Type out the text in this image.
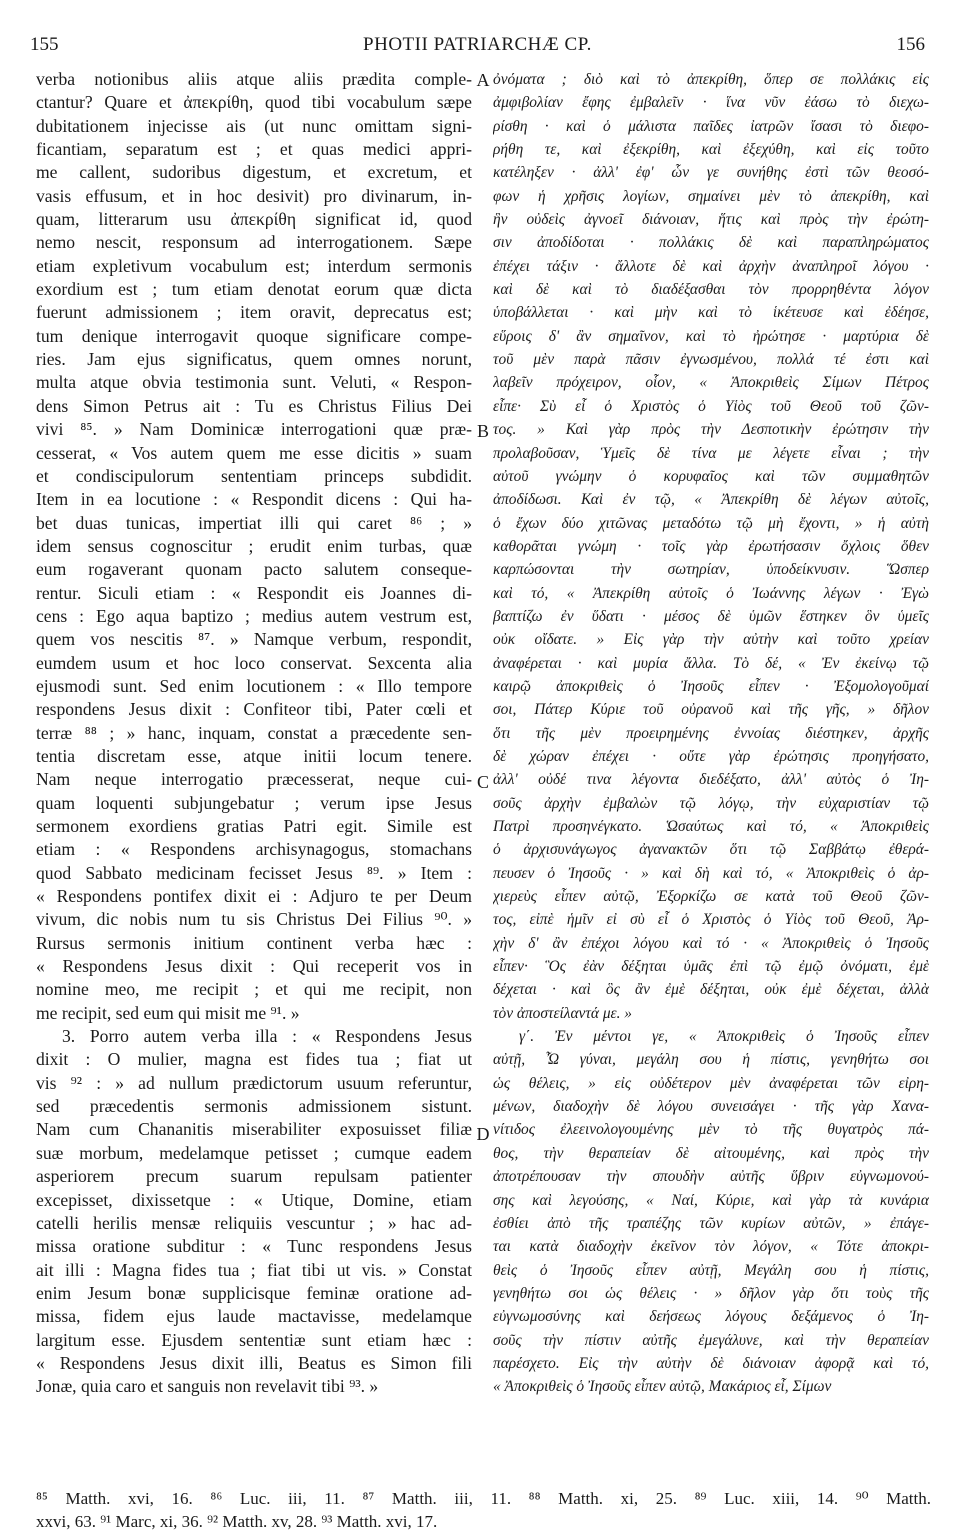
155	PHOTII PATRIARCHÆ CP.	156
verba notionibus aliis atque aliis prædita comple-
ctantur? Quare et ἀπεκρίθη, quod tibi vocabulum sæpe
dubitationem injecisse ais (ut nunc omittam signi-
ficantiam, separatum est ; et quas medici appri-
me callent, sudoribus digestum, et excretum, et
vasis effusum, et in hoc desivit) pro divinarum, in-
quam, litterarum usu ἀπεκρίθη significat id, quod
nemo nescit, responsum ad interrogationem. Sæpe
etiam expletivum vocabulum est; interdum sermonis
exordium est ; tum etiam denotat eorum quæ dicta
fuerunt admissionem ; item oravit, deprecatus est;
tum denique interrogavit quoque significare compe-
ries. Jam ejus significatus, quem omnes norunt,
multa atque obvia testimonia sunt. Veluti, « Respon-
dens Simon Petrus ait : Tu es Christus Filius Dei
vivi ⁸⁵. » Nam Dominicæ interrogationi quæ præ-
cesserat, « Vos autem quem me esse dicitis » suam
et condiscipulorum sententiam princeps subdidit.
Item in ea locutione : « Respondit dicens : Qui ha-
bet duas tunicas, impertiat illi qui caret ⁸⁶ ; »
idem sensus cognoscitur ; erudit enim turbas, quæ
eum rogaverant quonam pacto salutem conseque-
rentur. Siculi etiam : « Respondit eis Joannes di-
cens : Ego aqua baptizo ; medius autem vestrum est,
quem vos nescitis ⁸⁷. » Namque verbum, respondit,
eumdem usum et hoc loco conservat. Sexcenta alia
ejusmodi sunt. Sed enim locutionem : « Illo tempore
respondens Jesus dixit : Confiteor tibi, Pater cœli et
terræ ⁸⁸ ; » hanc, inquam, constat a præcedente sen-
tentia discretam esse, atque initii locum tenere.
Nam neque interrogatio præcesserat, neque cui-
quam loquenti subjungebatur ; verum ipse Jesus
sermonem exordiens gratias Patri egit. Simile est
etiam : « Respondens archisynagogus, stomachans
quod Sabbato medicinam fecisset Jesus ⁸⁹. » Item :
« Respondens pontifex dixit ei : Adjuro te per Deum
vivum, dic nobis num tu sis Christus Dei Filius ⁹⁰. »
Rursus sermonis initium continent verba hæc :
« Respondens Jesus dixit : Qui receperit vos in
nomine meo, me recipit ; et qui me recipit, non
me recipit, sed eum qui misit me ⁹¹. »
3. Porro autem verba illa : « Respondens Jesus
dixit : O mulier, magna est fides tua ; fiat ut
vis ⁹² : » ad nullum prædictorum usuum referuntur,
sed præcedentis sermonis admissionem sistunt.
Nam cum Chananitis miserabiliter exposuisset filiæ
suæ morbum, medelamque petisset ; cumque eadem
asperiorem precum suarum repulsam patienter
excepisset, dixissetque : « Utique, Domine, etiam
catelli herilis mensæ reliquiis vescuntur ; » hac ad-
missa oratione subditur : « Tunc respondens Jesus
ait illi : Magna fides tua ; fiat tibi ut vis. » Constat
enim Jesum bonæ supplicisque feminæ oratione ad-
missa, fidem ejus laude mactavisse, medelamque
largitum esse. Ejusdem sententiæ sunt etiam hæc :
« Respondens Jesus dixit illi, Beatus es Simon fili
Jonæ, quia caro et sanguis non revelavit tibi ⁹³. »
ὀνόματα ; διὸ καὶ τὸ ἀπεκρίθη, ὅπερ σε πολλάκις εἰς
ἀμφιβολίαν ἔφης ἐμβαλεῖν · ἵνα νῦν ἐάσω τὸ διεχω-
ρίσθη · καὶ ὁ μάλιστα παῖδες ἰατρῶν ἴσασι τὸ διεφο-
ρήθη τε, καὶ ἐξεκρίθη, καὶ ἐξεχύθη, καὶ εἰς τοῦτο
κατέληξεν · ἀλλ' ἐφ' ὧν γε συνήθης ἐστὶ τῶν θεοσό-
φων ἡ χρῆσις λογίων, σημαίνει μὲν τὸ ἀπεκρίθη, καὶ
ἣν οὐδεὶς ἀγνοεῖ διάνοιαν, ἥτις καὶ πρὸς τὴν ἐρώτη-
σιν ἀποδίδοται · πολλάκις δὲ καὶ παραπληρώματος
ἐπέχει τάξιν · ἄλλοτε δὲ καὶ ἀρχὴν ἀναπληροῖ λόγου ·
καὶ δὲ καὶ τὸ διαδέξασθαι τὸν προρρηθέντα λόγον
ὑποβάλλεται · καὶ μὴν καὶ τὸ ἱκέτευσε καὶ ἐδέησε,
εὕροις δ' ἂν σημαῖνον, καὶ τὸ ἠρώτησε · μαρτύρια δὲ
τοῦ μὲν παρὰ πᾶσιν ἐγνωσμένου, πολλά τέ ἐστι καὶ
λαβεῖν πρόχειρον, οἷον, « Ἀποκριθεὶς Σίμων Πέτρος
εἶπε· Σὺ εἶ ὁ Χριστὸς ὁ Υἱὸς τοῦ Θεοῦ τοῦ ζῶν-
τος. » Καὶ γὰρ πρὸς τὴν Δεσποτικὴν ἐρώτησιν τὴν
προλαβοῦσαν, Ὑμεῖς δὲ τίνα με λέγετε εἶναι ; τὴν
αὐτοῦ γνώμην ὁ κορυφαῖος καὶ τῶν συμμαθητῶν
ἀποδίδωσι. Καὶ ἐν τῷ, « Ἀπεκρίθη δὲ λέγων αὐτοῖς,
ὁ ἔχων δύο χιτῶνας μεταδότω τῷ μὴ ἔχοντι, » ἡ αὐτὴ
καθορᾶται γνώμη · τοῖς γὰρ ἐρωτήσασιν ὄχλοις ὅθεν
καρπώσονται τὴν σωτηρίαν, ὑποδείκνυσιν. Ὥσπερ
καὶ τό, « Ἀπεκρίθη αὐτοῖς ὁ Ἰωάννης λέγων · Ἐγὼ
βαπτίζω ἐν ὕδατι · μέσος δὲ ὑμῶν ἕστηκεν ὃν ὑμεῖς
οὐκ οἴδατε. » Εἰς γὰρ τὴν αὐτὴν καὶ τοῦτο χρείαν
ἀναφέρεται · καὶ μυρία ἄλλα. Τὸ δέ, « Ἐν ἐκείνῳ τῷ
καιρῷ ἀποκριθεὶς ὁ Ἰησοῦς εἶπεν · Ἐξομολογοῦμαί
σοι, Πάτερ Κύριε τοῦ οὐρανοῦ καὶ τῆς γῆς, » δῆλον
ὅτι τῆς μὲν προειρημένης ἐννοίας διέστηκεν, ἀρχῆς
δὲ χώραν ἐπέχει · οὔτε γὰρ ἐρώτησις προηγήσατο,
ἀλλ' οὐδέ τινα λέγοντα διεδέξατο, ἀλλ' αὐτὸς ὁ Ἰη-
σοῦς ἀρχὴν ἐμβαλὼν τῷ λόγῳ, τὴν εὐχαριστίαν τῷ
Πατρὶ προσηνέγκατο. Ὡσαύτως καὶ τό, « Ἀποκριθεὶς
ὁ ἀρχισυνάγωγος ἀγανακτῶν ὅτι τῷ Σαββάτῳ ἐθερά-
πευσεν ὁ Ἰησοῦς · » καὶ δὴ καὶ τό, « Ἀποκριθεὶς ὁ ἀρ-
χιερεὺς εἶπεν αὐτῷ, Ἐξορκίζω σε κατὰ τοῦ Θεοῦ ζῶν-
τος, εἰπὲ ἡμῖν εἰ σὺ εἶ ὁ Χριστὸς ὁ Υἱὸς τοῦ Θεοῦ, Ἀρ-
χὴν δ' ἂν ἐπέχοι λόγου καὶ τό · « Ἀποκριθεὶς ὁ Ἰησοῦς
εἶπεν· Ὃς ἐὰν δέξηται ὑμᾶς ἐπὶ τῷ ἐμῷ ὀνόματι, ἐμὲ
δέχεται · καὶ ὃς ἂν ἐμὲ δέξηται, οὐκ ἐμὲ δέχεται, ἀλλὰ
τὸν ἀποστείλαντά με. »
γ΄. Ἐν μέντοι γε, « Ἀποκριθεὶς ὁ Ἰησοῦς εἶπεν
αὐτῇ, Ὦ γύναι, μεγάλη σου ἡ πίστις, γενηθήτω σοι
ὡς θέλεις, » εἰς οὐδέτερον μὲν ἀναφέρεται τῶν εἰρη-
μένων, διαδοχὴν δὲ λόγου συνεισάγει · τῆς γὰρ Χανα-
νίτιδος ἐλεεινολογουμένης μὲν τὸ τῆς θυγατρὸς πά-
θος, τὴν θεραπείαν δὲ αἰτουμένης, καὶ πρὸς τὴν
ἀποτρέπουσαν τὴν σπουδὴν αὐτῆς ὕβριν εὐγνωμονού-
σης καὶ λεγούσης, « Ναί, Κύριε, καὶ γὰρ τὰ κυνάρια
ἐσθίει ἀπὸ τῆς τραπέζης τῶν κυρίων αὐτῶν, » ἐπάγε-
ται κατὰ διαδοχὴν ἐκεῖνον τὸν λόγον, « Τότε ἀποκρι-
θεὶς ὁ Ἰησοῦς εἶπεν αὐτῇ, Μεγάλη σου ἡ πίστις,
γενηθήτω σοι ὡς θέλεις · » δῆλον γὰρ ὅτι τοὺς τῆς
εὐγνωμοσύνης καὶ δεήσεως λόγους δεξάμενος ὁ Ἰη-
σοῦς τὴν πίστιν αὐτῆς ἐμεγάλυνε, καὶ τὴν θεραπείαν
παρέσχετο. Εἰς τὴν αὐτὴν δὲ διάνοιαν ἀφορᾷ καὶ τό,
« Ἀποκριθεὶς ὁ Ἰησοῦς εἶπεν αὐτῷ, Μακάριος εἶ, Σίμων
A
B
C
D
⁸⁵ Matth. xvi, 16. ⁸⁶ Luc. iii, 11. ⁸⁷ Matth. iii, 11. ⁸⁸ Matth. xi, 25. ⁸⁹ Luc. xiii, 14. ⁹⁰ Matth.
xxvi, 63. ⁹¹ Marc, xi, 36. ⁹² Matth. xv, 28. ⁹³ Matth. xvi, 17.
